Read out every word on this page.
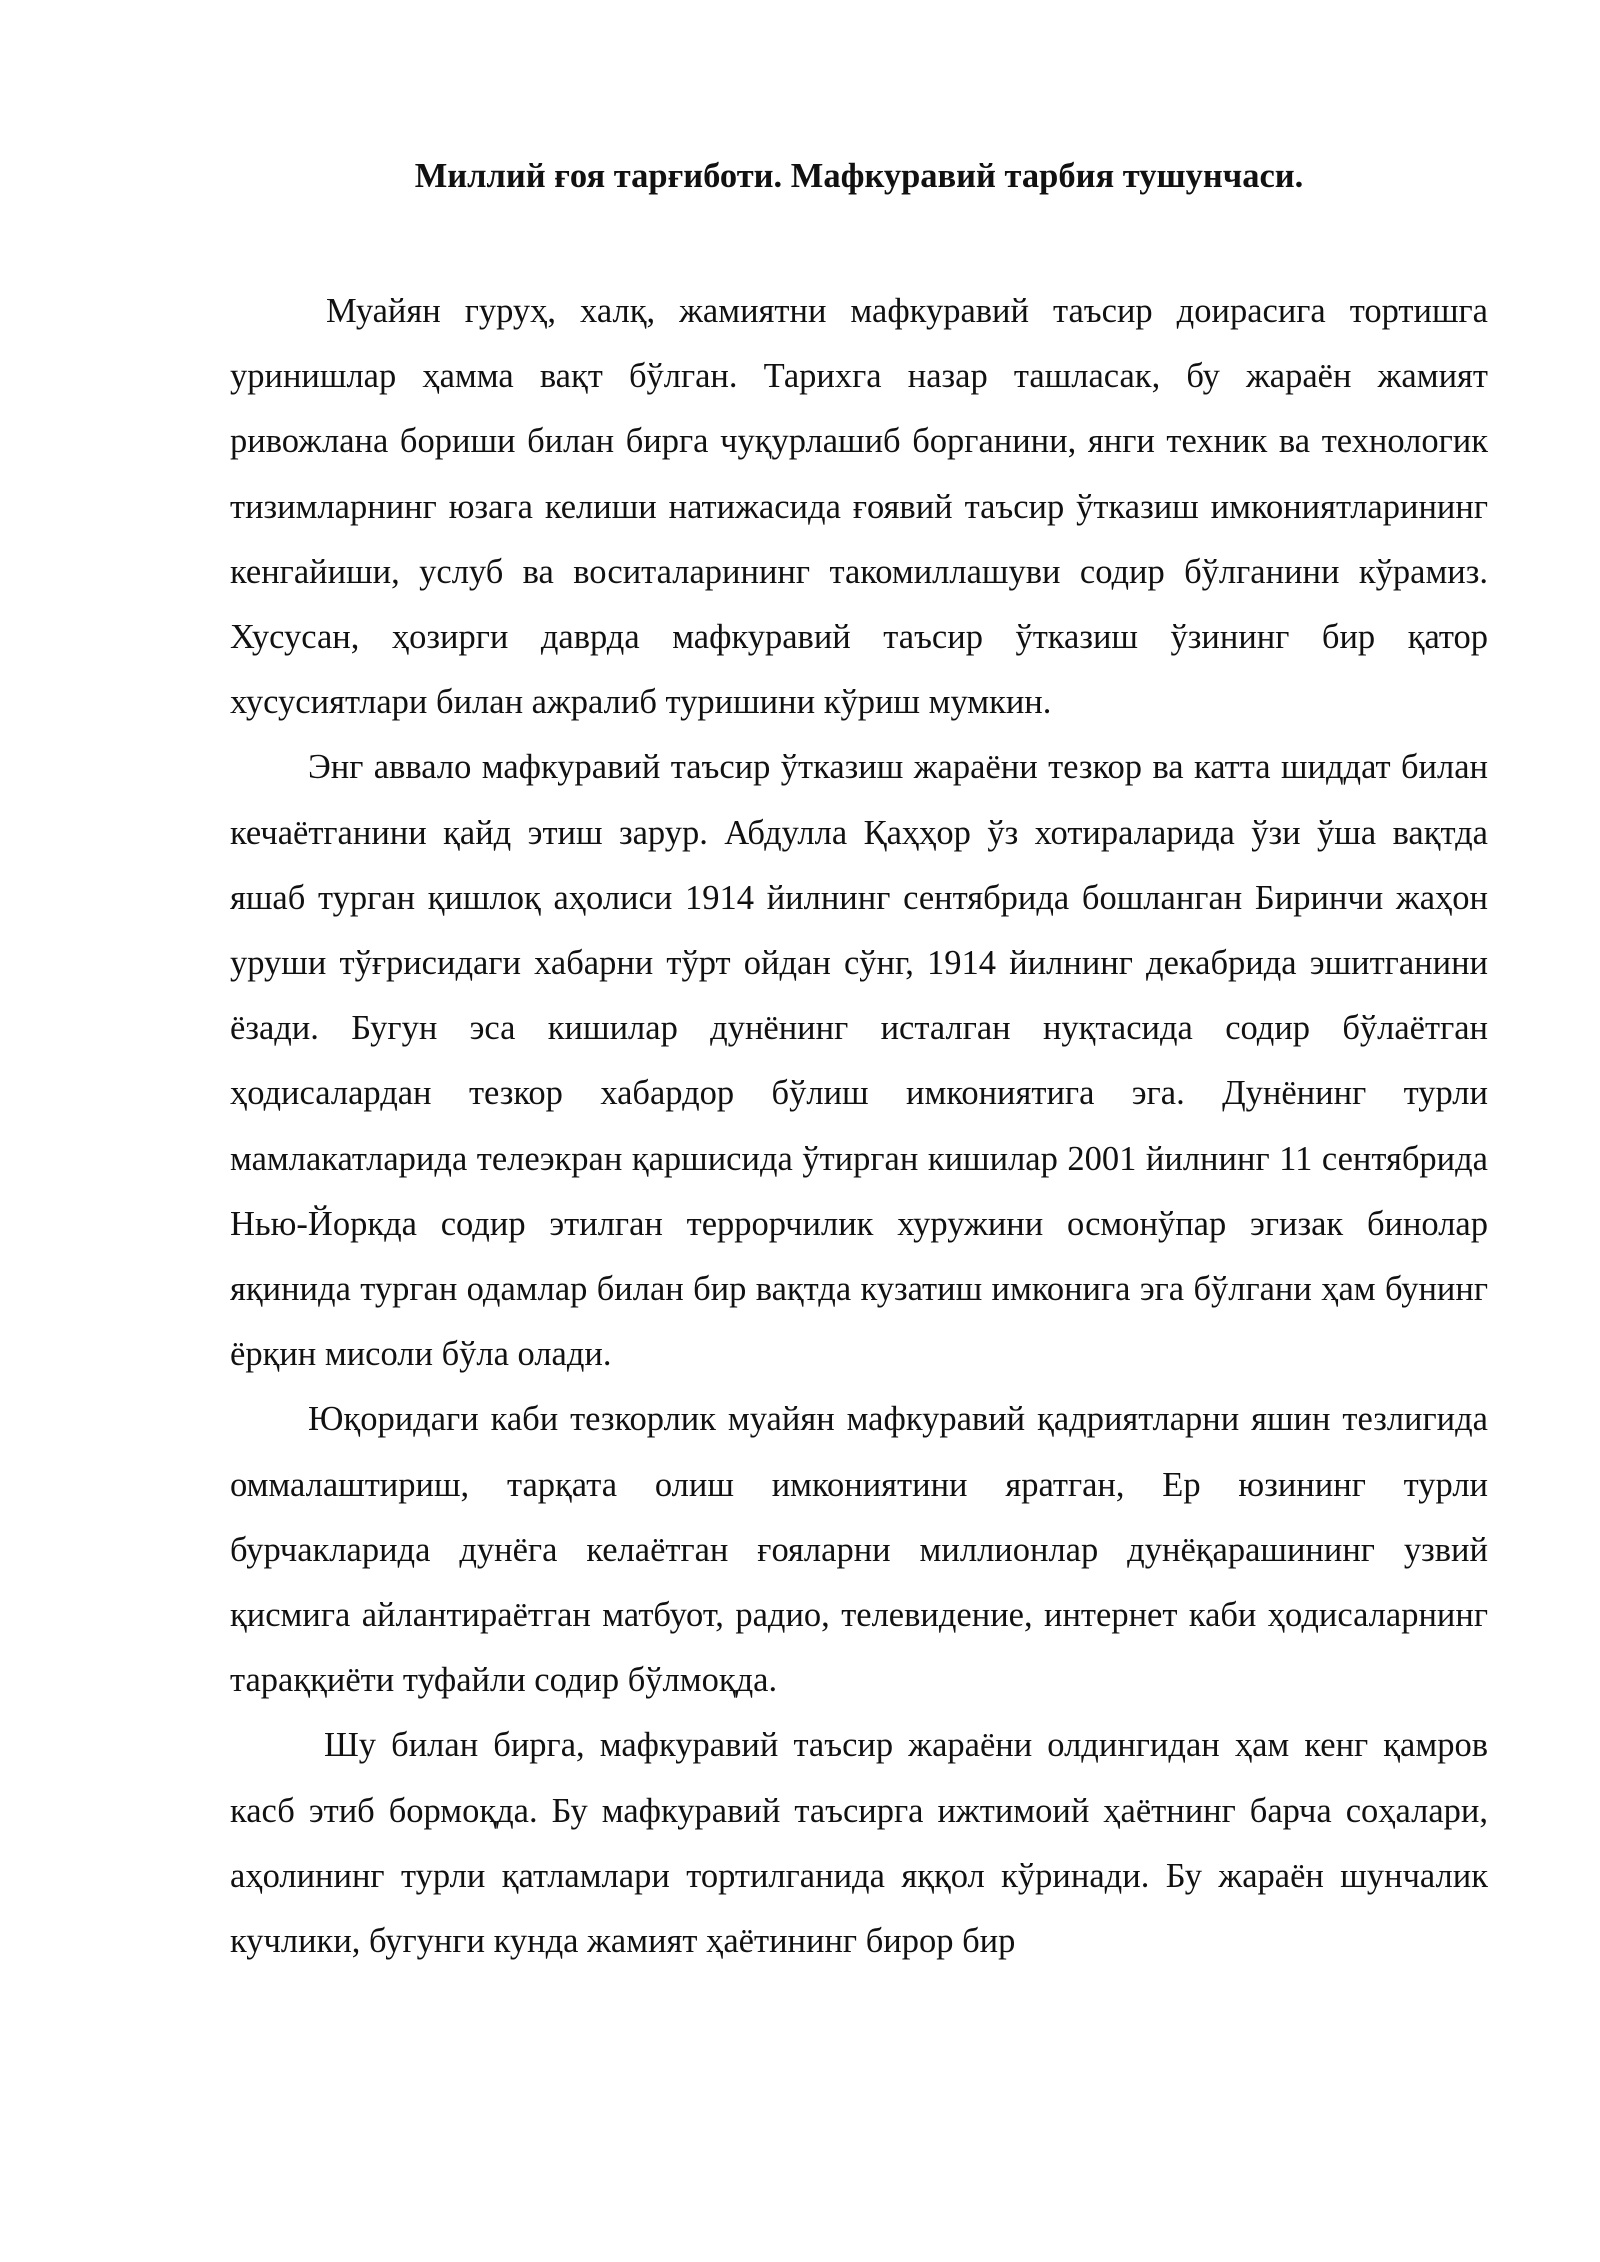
Миллий ғоя тарғиботи. Мафкуравий тарбия тушунчаси.

Муайян гуруҳ, халқ, жамиятни мафкуравий таъсир доирасига тортишга уринишлар ҳамма вақт бўлган. Тарихга назар ташласак, бу жараён жамият ривожлана бориши билан бирга чуқурлашиб борганини, янги техник ва технологик тизимларнинг юзага келиши натижасида ғоявий таъсир ўтказиш имкониятларининг кенгайиши, услуб ва воситаларининг такомиллашуви содир бўлганини кўрамиз. Хусусан, ҳозирги даврда мафкуравий таъсир ўтказиш ўзининг бир қатор хусусиятлари билан ажралиб туришини кўриш мумкин.

Энг аввало мафкуравий таъсир ўтказиш жараёни тезкор ва катта шиддат билан кечаётганини қайд этиш зарур. Абдулла Қаҳҳор ўз хотираларида ўзи ўша вақтда яшаб турган қишлоқ аҳолиси 1914 йилнинг сентябрида бошланган Биринчи жаҳон уруши тўғрисидаги хабарни тўрт ойдан сўнг, 1914 йилнинг декабрида эшитганини ёзади. Бугун эса кишилар дунёнинг исталган нуқтасида содир бўлаётган ҳодисалардан тезкор хабардор бўлиш имкониятига эга. Дунёнинг турли мамлакатларида телеэкран қаршисида ўтирган кишилар 2001 йилнинг 11 сентябрида Нью-Йоркда содир этилган террорчилик хуружини осмонўпар эгизак бинолар яқинида турган одамлар билан бир вақтда кузатиш имконига эга бўлгани ҳам бунинг ёрқин мисоли бўла олади.

Юқоридаги каби тезкорлик муайян мафкуравий қадриятларни яшин тезлигида оммалаштириш, тарқата олиш имкониятини яратган, Ер юзининг турли бурчакларида дунёга келаётган ғояларни миллионлар дунёқарашининг узвий қисмига айлантираётган матбуот, радио, телевидение, интернет каби ҳодисаларнинг тараққиёти туфайли содир бўлмоқда.

Шу билан бирга, мафкуравий таъсир жараёни олдингидан ҳам кенг қамров касб этиб бормоқда. Бу мафкуравий таъсирга ижтимоий ҳаётнинг барча соҳалари, аҳолининг турли қатламлари тортилганида яққол кўринади. Бу жараён шунчалик кучлики, бугунги кунда жамият ҳаётининг бирор бир
